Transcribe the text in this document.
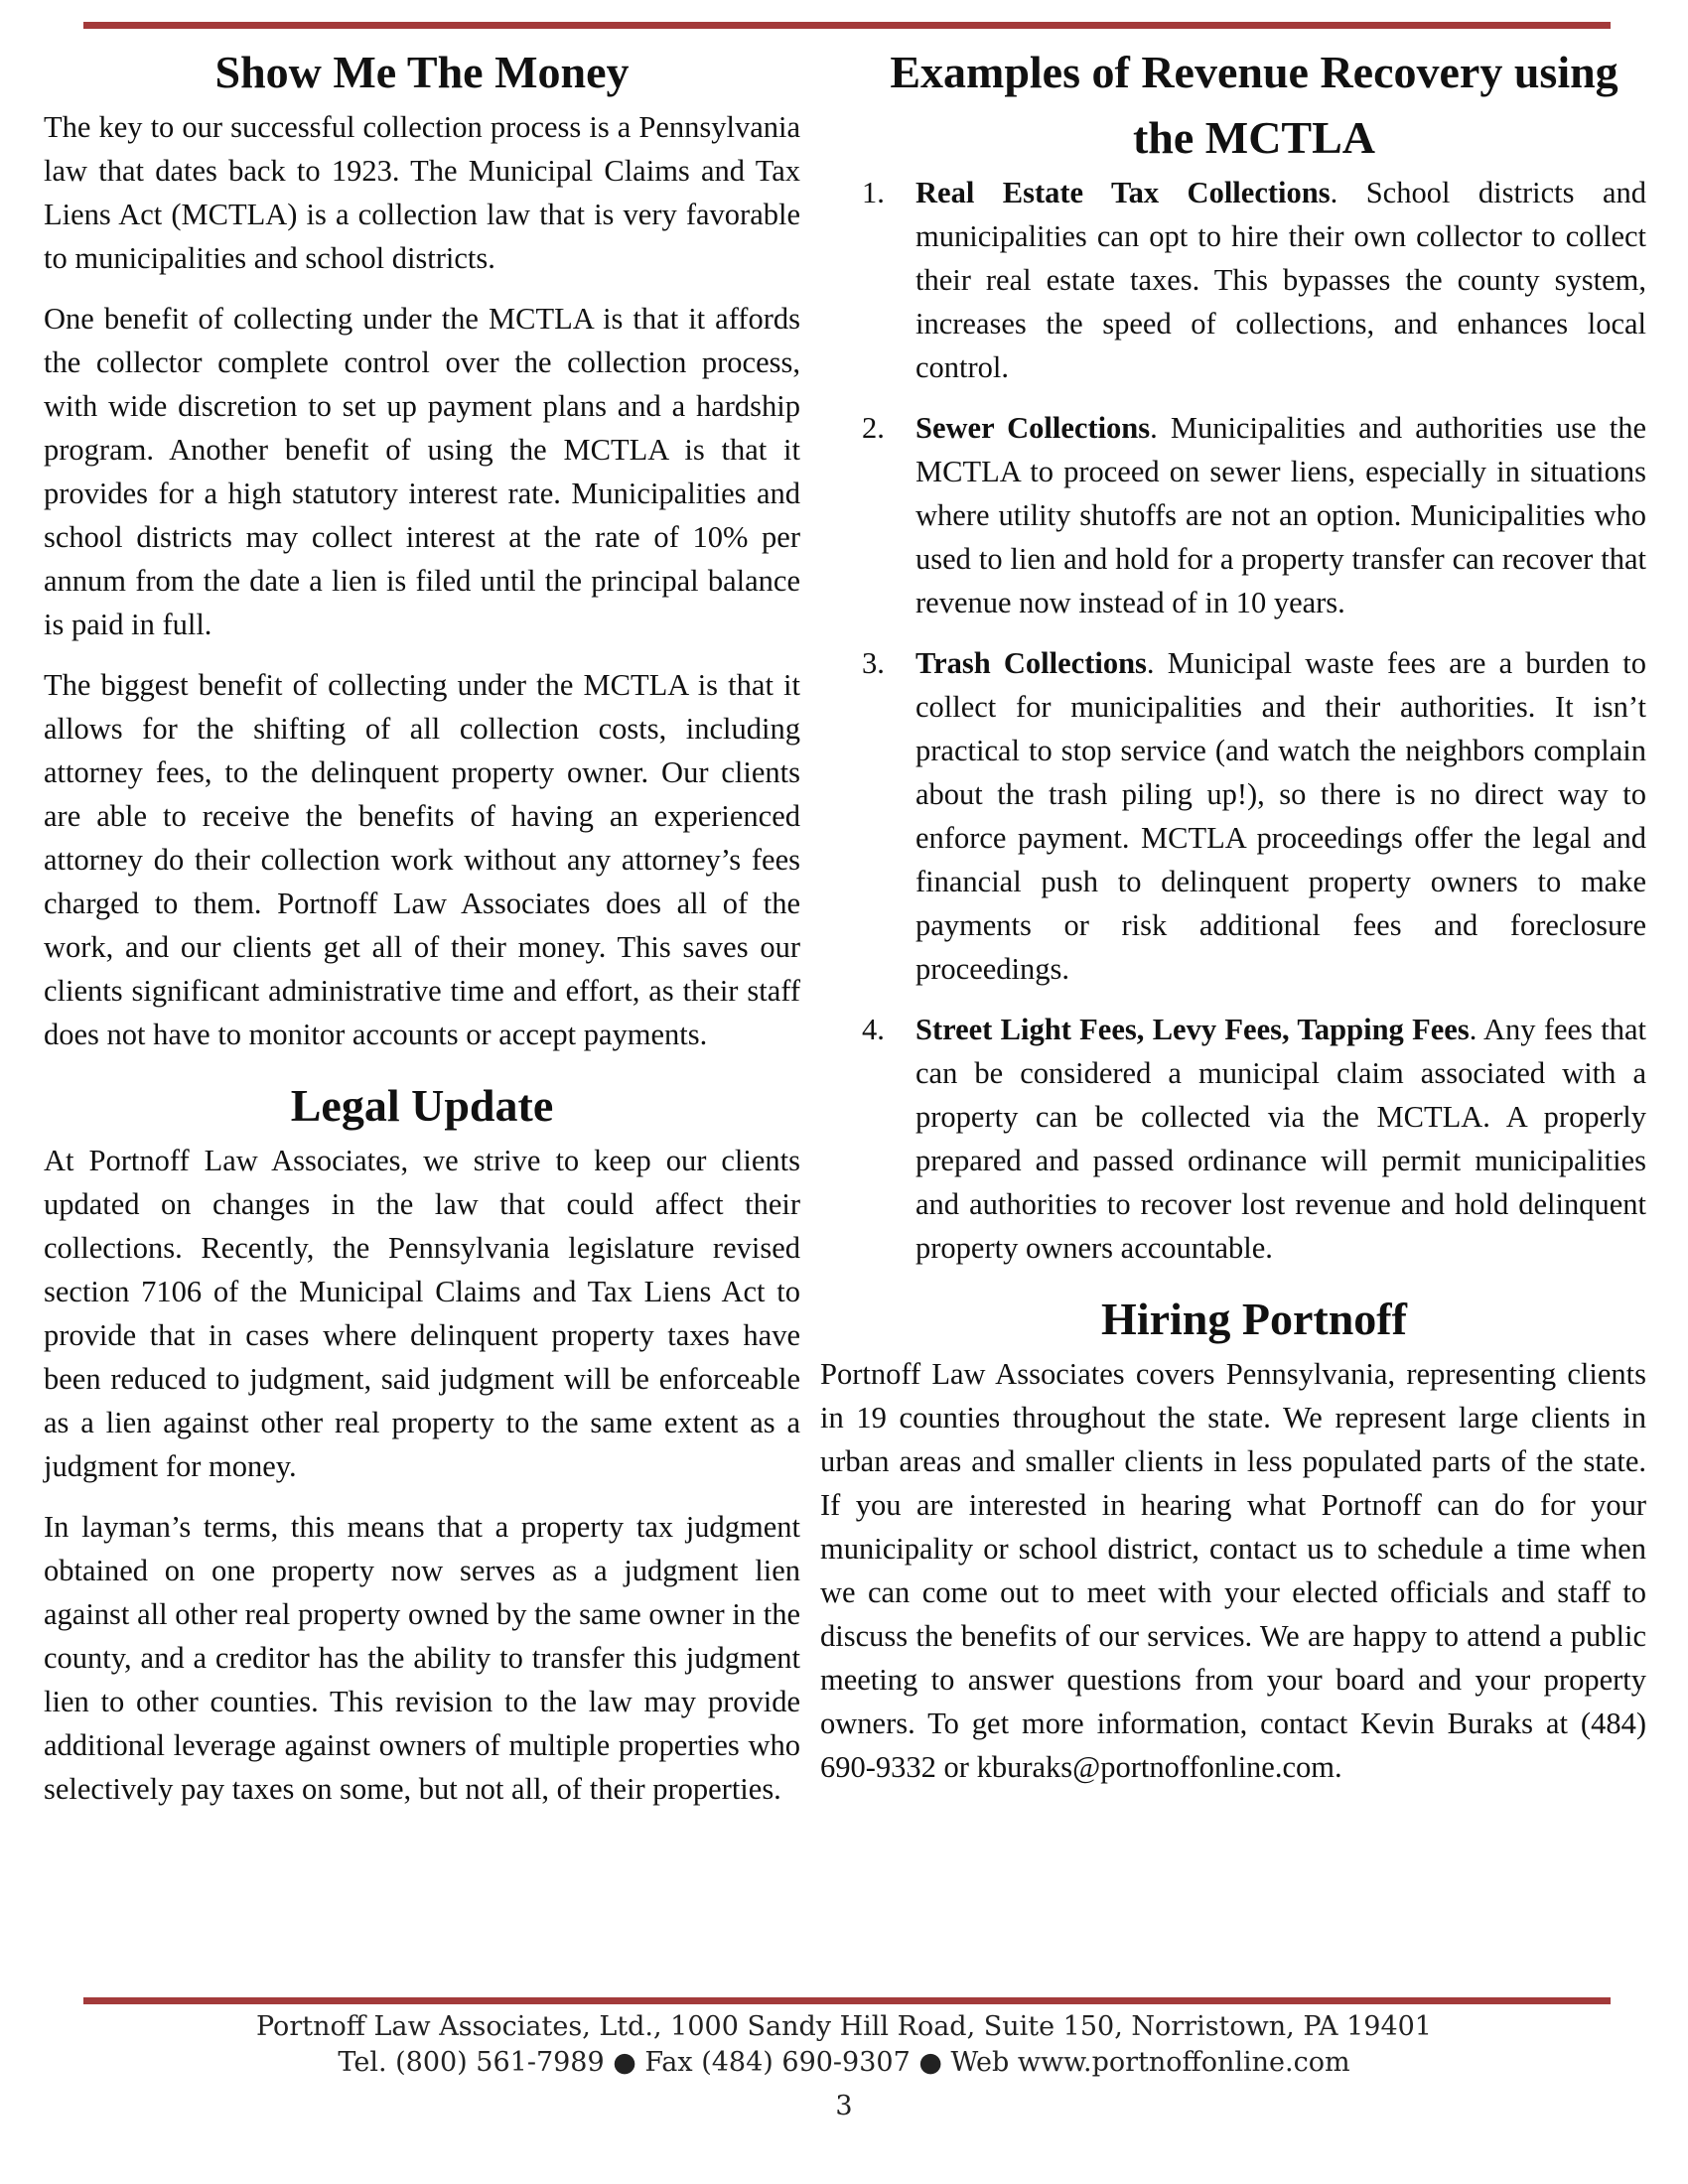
Show Me The Money

The key to our successful collection process is a Pennsylvania law that dates back to 1923. The Municipal Claims and Tax Liens Act (MCTLA) is a collection law that is very favorable to municipalities and school districts.

One benefit of collecting under the MCTLA is that it affords the collector complete control over the collection process, with wide discretion to set up payment plans and a hardship program. Another benefit of using the MCTLA is that it provides for a high statutory interest rate. Municipalities and school districts may collect interest at the rate of 10% per annum from the date a lien is filed until the principal balance is paid in full.

The biggest benefit of collecting under the MCTLA is that it allows for the shifting of all collection costs, including attorney fees, to the delinquent property owner. Our clients are able to receive the benefits of having an experienced attorney do their collection work without any attorney’s fees charged to them. Portnoff Law Associates does all of the work, and our clients get all of their money. This saves our clients significant administrative time and effort, as their staff does not have to monitor accounts or accept payments.

Legal Update

At Portnoff Law Associates, we strive to keep our clients updated on changes in the law that could affect their collections. Recently, the Pennsylvania legislature revised section 7106 of the Municipal Claims and Tax Liens Act to provide that in cases where delinquent property taxes have been reduced to judgment, said judgment will be enforceable as a lien against other real property to the same extent as a judgment for money.

In layman’s terms, this means that a property tax judgment obtained on one property now serves as a judgment lien against all other real property owned by the same owner in the county, and a creditor has the ability to transfer this judgment lien to other counties. This revision to the law may provide additional leverage against owners of multiple properties who selectively pay taxes on some, but not all, of their properties.

Examples of Revenue Recovery using the MCTLA
1. Real Estate Tax Collections. School districts and municipalities can opt to hire their own collector to collect their real estate taxes. This bypasses the county system, increases the speed of collections, and enhances local control.
2. Sewer Collections. Municipalities and authorities use the MCTLA to proceed on sewer liens, especially in situations where utility shutoffs are not an option. Municipalities who used to lien and hold for a property transfer can recover that revenue now instead of in 10 years.
3. Trash Collections. Municipal waste fees are a burden to collect for municipalities and their authorities. It isn’t practical to stop service (and watch the neighbors complain about the trash piling up!), so there is no direct way to enforce payment. MCTLA proceedings offer the legal and financial push to delinquent property owners to make payments or risk additional fees and foreclosure proceedings.
4. Street Light Fees, Levy Fees, Tapping Fees. Any fees that can be considered a municipal claim associated with a property can be collected via the MCTLA. A properly prepared and passed ordinance will permit municipalities and authorities to recover lost revenue and hold delinquent property owners accountable.
Hiring Portnoff

Portnoff Law Associates covers Pennsylvania, representing clients in 19 counties throughout the state. We represent large clients in urban areas and smaller clients in less populated parts of the state. If you are interested in hearing what Portnoff can do for your municipality or school district, contact us to schedule a time when we can come out to meet with your elected officials and staff to discuss the benefits of our services. We are happy to attend a public meeting to answer questions from your board and your property owners. To get more information, contact Kevin Buraks at (484) 690-9332 or kburaks@portnoffonline.com.

Portnoff Law Associates, Ltd., 1000 Sandy Hill Road, Suite 150, Norristown, PA 19401
Tel. (800) 561-7989 ● Fax (484) 690-9307 ● Web www.portnoffonline.com
3
